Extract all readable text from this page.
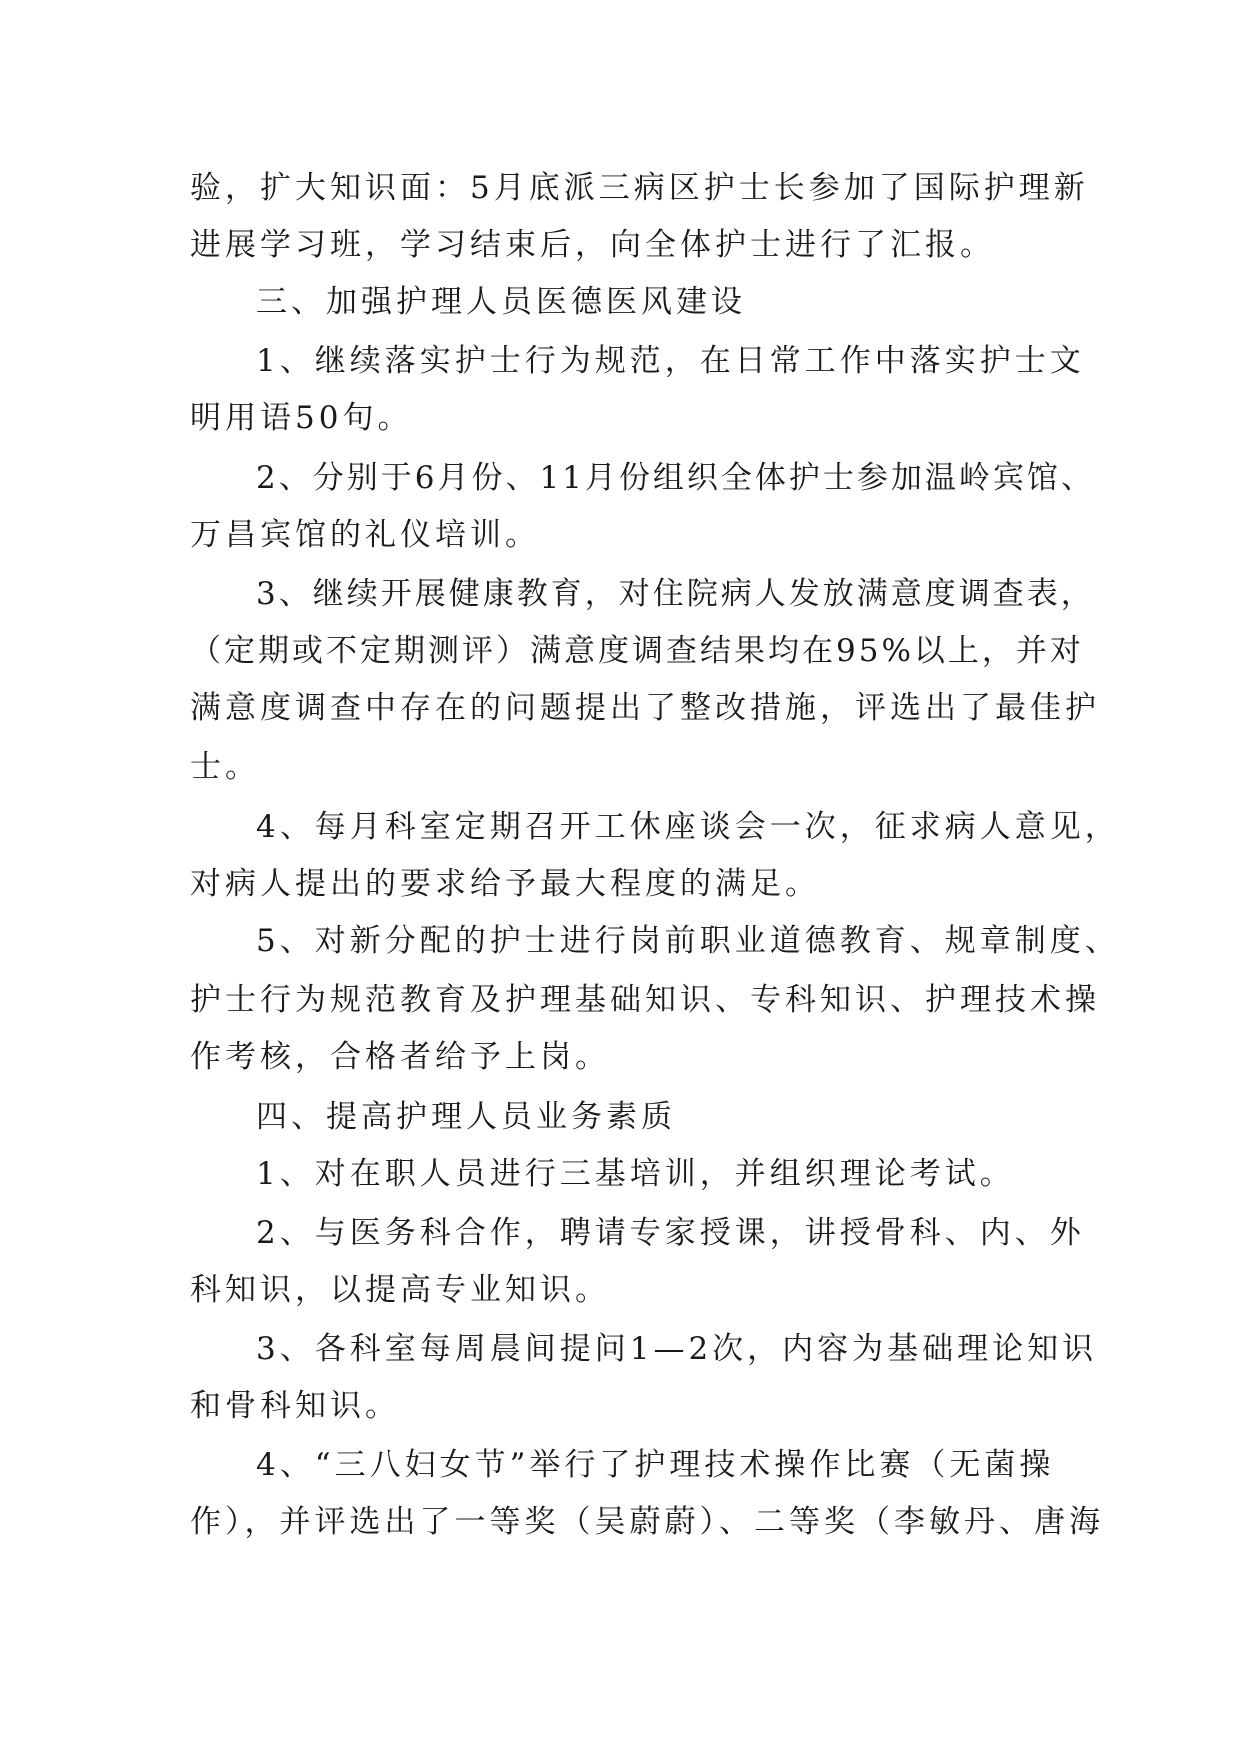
验，扩大知识面：5月底派三病区护士长参加了国际护理新
进展学习班，学习结束后，向全体护士进行了汇报。
三、加强护理人员医德医风建设
1、继续落实护士行为规范，在日常工作中落实护士文
明用语50句。
2、分别于6月份、11月份组织全体护士参加温岭宾馆、
万昌宾馆的礼仪培训。
3、继续开展健康教育，对住院病人发放满意度调查表，
（定期或不定期测评）满意度调查结果均在95%以上，并对
满意度调查中存在的问题提出了整改措施，评选出了最佳护
士。
4、每月科室定期召开工休座谈会一次，征求病人意见，
对病人提出的要求给予最大程度的满足。
5、对新分配的护士进行岗前职业道德教育、规章制度、
护士行为规范教育及护理基础知识、专科知识、护理技术操
作考核，合格者给予上岗。
四、提高护理人员业务素质
1、对在职人员进行三基培训，并组织理论考试。
2、与医务科合作，聘请专家授课，讲授骨科、内、外
科知识，以提高专业知识。
3、各科室每周晨间提问1—2次，内容为基础理论知识
和骨科知识。
4、“三八妇女节”举行了护理技术操作比赛（无菌操
作），并评选出了一等奖（吴蔚蔚）、二等奖（李敏丹、唐海
